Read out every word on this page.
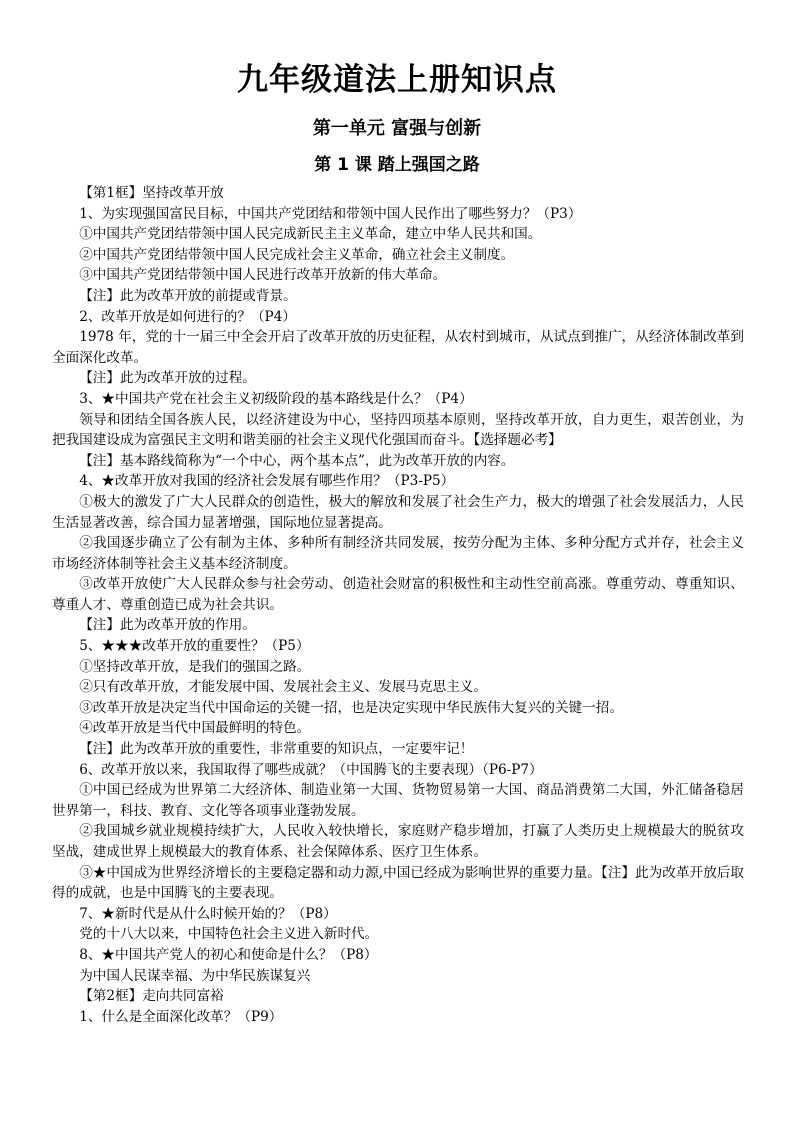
九年级道法上册知识点
第一单元 富强与创新
第 1 课 踏上强国之路

【第1框】坚持改革开放

1、为实现强国富民目标，中国共产党团结和带领中国人民作出了哪些努力？（P3）

①中国共产党团结带领中国人民完成新民主主义革命，建立中华人民共和国。

②中国共产党团结带领中国人民完成社会主义革命，确立社会主义制度。

③中国共产党团结带领中国人民进行改革开放新的伟大革命。

【注】此为改革开放的前提或背景。

2、改革开放是如何进行的？（P4）

1978 年，党的十一届三中全会开启了改革开放的历史征程，从农村到城市，从试点到推广，从经济体制改革到全面深化改革。

【注】此为改革开放的过程。

3、★中国共产党在社会主义初级阶段的基本路线是什么？（P4）

领导和团结全国各族人民，以经济建设为中心，坚持四项基本原则，坚持改革开放，自力更生，艰苦创业，为把我国建设成为富强民主文明和谐美丽的社会主义现代化强国而奋斗。【选择题必考】

【注】基本路线简称为“一个中心，两个基本点”，此为改革开放的内容。

4、★改革开放对我国的经济社会发展有哪些作用？（P3-P5）

①极大的激发了广大人民群众的创造性，极大的解放和发展了社会生产力，极大的增强了社会发展活力，人民生活显著改善，综合国力显著增强，国际地位显著提高。

②我国逐步确立了公有制为主体、多种所有制经济共同发展，按劳分配为主体、多种分配方式并存，社会主义市场经济体制等社会主义基本经济制度。

③改革开放使广大人民群众参与社会劳动、创造社会财富的积极性和主动性空前高涨。尊重劳动、尊重知识、尊重人才、尊重创造已成为社会共识。

【注】此为改革开放的作用。

5、★★★改革开放的重要性？（P5）

①坚持改革开放，是我们的强国之路。

②只有改革开放，才能发展中国、发展社会主义、发展马克思主义。

③改革开放是决定当代中国命运的关键一招，也是决定实现中华民族伟大复兴的关键一招。

④改革开放是当代中国最鲜明的特色。

【注】此为改革开放的重要性，非常重要的知识点，一定要牢记！

6、改革开放以来，我国取得了哪些成就？（中国腾飞的主要表现）（P6-P7）

①中国已经成为世界第二大经济体、制造业第一大国、货物贸易第一大国、商品消费第二大国，外汇储备稳居世界第一，科技、教育、文化等各项事业蓬勃发展。

②我国城乡就业规模持续扩大，人民收入较快增长，家庭财产稳步增加，打赢了人类历史上规模最大的脱贫攻坚战，建成世界上规模最大的教育体系、社会保障体系、医疗卫生体系。

③★中国成为世界经济增长的主要稳定器和动力源,中国已经成为影响世界的重要力量。【注】此为改革开放后取得的成就，也是中国腾飞的主要表现。

7、★新时代是从什么时候开始的？（P8）

党的十八大以来，中国特色社会主义进入新时代。

8、★中国共产党人的初心和使命是什么？（P8）

为中国人民谋幸福、为中华民族谋复兴

【第2框】走向共同富裕

1、什么是全面深化改革？（P9）
